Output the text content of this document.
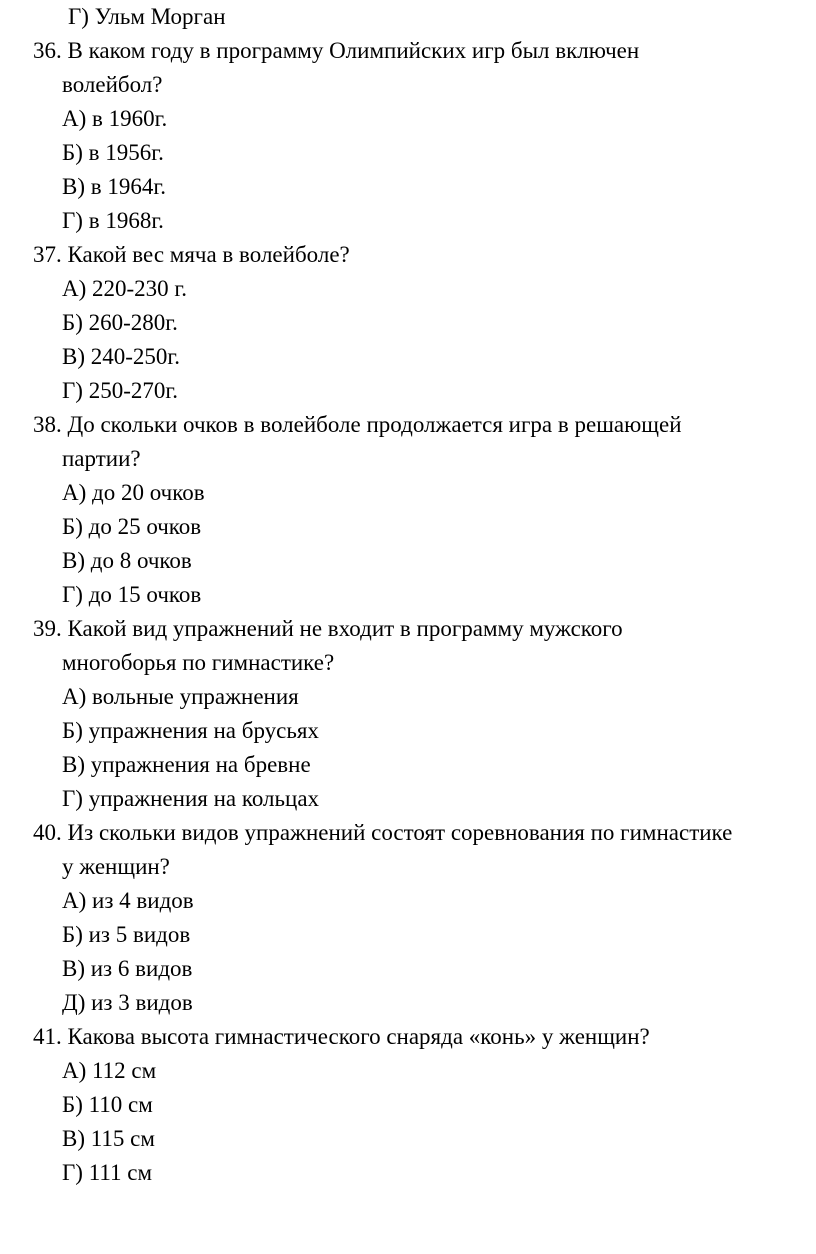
Г) Ульм Морган
36. В каком году в программу Олимпийских игр был включен
волейбол?
А) в 1960г.
Б) в 1956г.
В) в 1964г.
Г) в 1968г.
37. Какой вес мяча в волейболе?
А) 220-230 г.
Б) 260-280г.
В) 240-250г.
Г) 250-270г.
38. До скольки очков в волейболе продолжается игра в решающей
партии?
А) до 20 очков
Б) до 25 очков
В) до 8 очков
Г) до 15 очков
39. Какой вид упражнений не входит в программу мужского
многоборья по гимнастике?
А) вольные упражнения
Б) упражнения на брусьях
В) упражнения на бревне
Г) упражнения на кольцах
40. Из скольки видов упражнений состоят соревнования по гимнастике
у женщин?
А) из 4 видов
Б) из 5 видов
В) из 6 видов
Д) из 3 видов
41. Какова высота гимнастического снаряда «конь» у женщин?
А) 112 см
Б) 110 см
В) 115 см
Г) 111 см
